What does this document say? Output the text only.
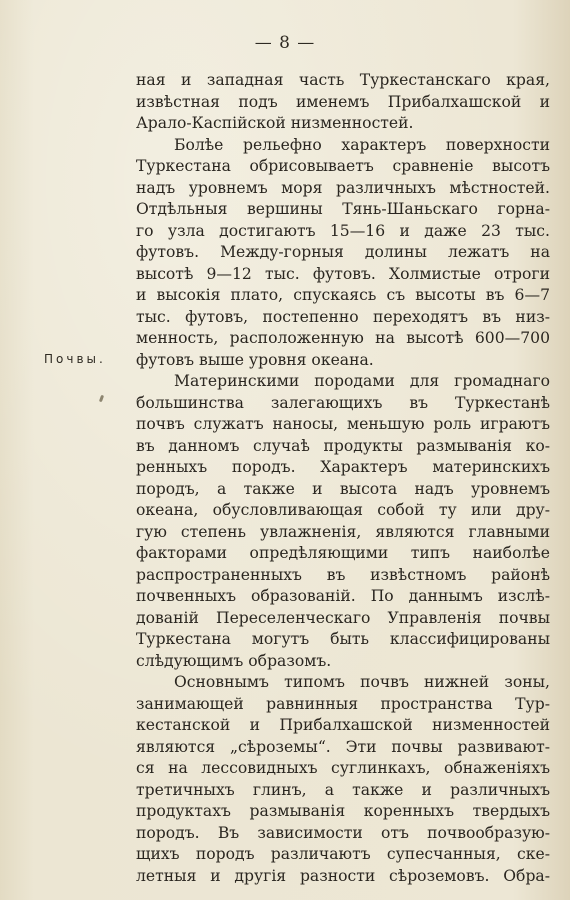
— 8 —
Почвы.
ная и западная часть Туркестанскаго края,
извѣстная подъ именемъ Прибалхашской и
Арало-Каспійской низменностей.
Болѣе рельефно характеръ поверхности
Туркестана обрисовываетъ сравненіе высотъ
надъ уровнемъ моря различныхъ мѣстностей.
Отдѣльныя вершины Тянь-Шаньскаго горна-
го узла достигаютъ 15—16 и даже 23 тыс.
футовъ. Между-горныя долины лежатъ на
высотѣ 9—12 тыс. футовъ. Холмистые отроги
и высокія плато, спускаясь съ высоты въ 6—7
тыс. футовъ, постепенно переходятъ въ низ-
менность, расположенную на высотѣ 600—700
футовъ выше уровня океана.
Материнскими породами для громаднаго
большинства залегающихъ въ Туркестанѣ
почвъ служатъ наносы, меньшую роль играютъ
въ данномъ случаѣ продукты размыванія ко-
ренныхъ породъ. Характеръ материнскихъ
породъ, а также и высота надъ уровнемъ
океана, обусловливающая собой ту или дру-
гую степень увлажненія, являются главными
факторами опредѣляющими типъ наиболѣе
распространенныхъ въ извѣстномъ районѣ
почвенныхъ образованій. По даннымъ изслѣ-
дованій Переселенческаго Управленія почвы
Туркестана могутъ быть классифицированы
слѣдующимъ образомъ.
Основнымъ типомъ почвъ нижней зоны,
занимающей равнинныя пространства Тур-
кестанской и Прибалхашской низменностей
являются „сѣроземы“. Эти почвы развивают-
ся на лессовидныхъ суглинкахъ, обнаженіяхъ
третичныхъ глинъ, а также и различныхъ
продуктахъ размыванія коренныхъ твердыхъ
породъ. Въ зависимости отъ почвообразую-
щихъ породъ различаютъ супесчанныя, ске-
летныя и другія разности сѣроземовъ. Обра-
